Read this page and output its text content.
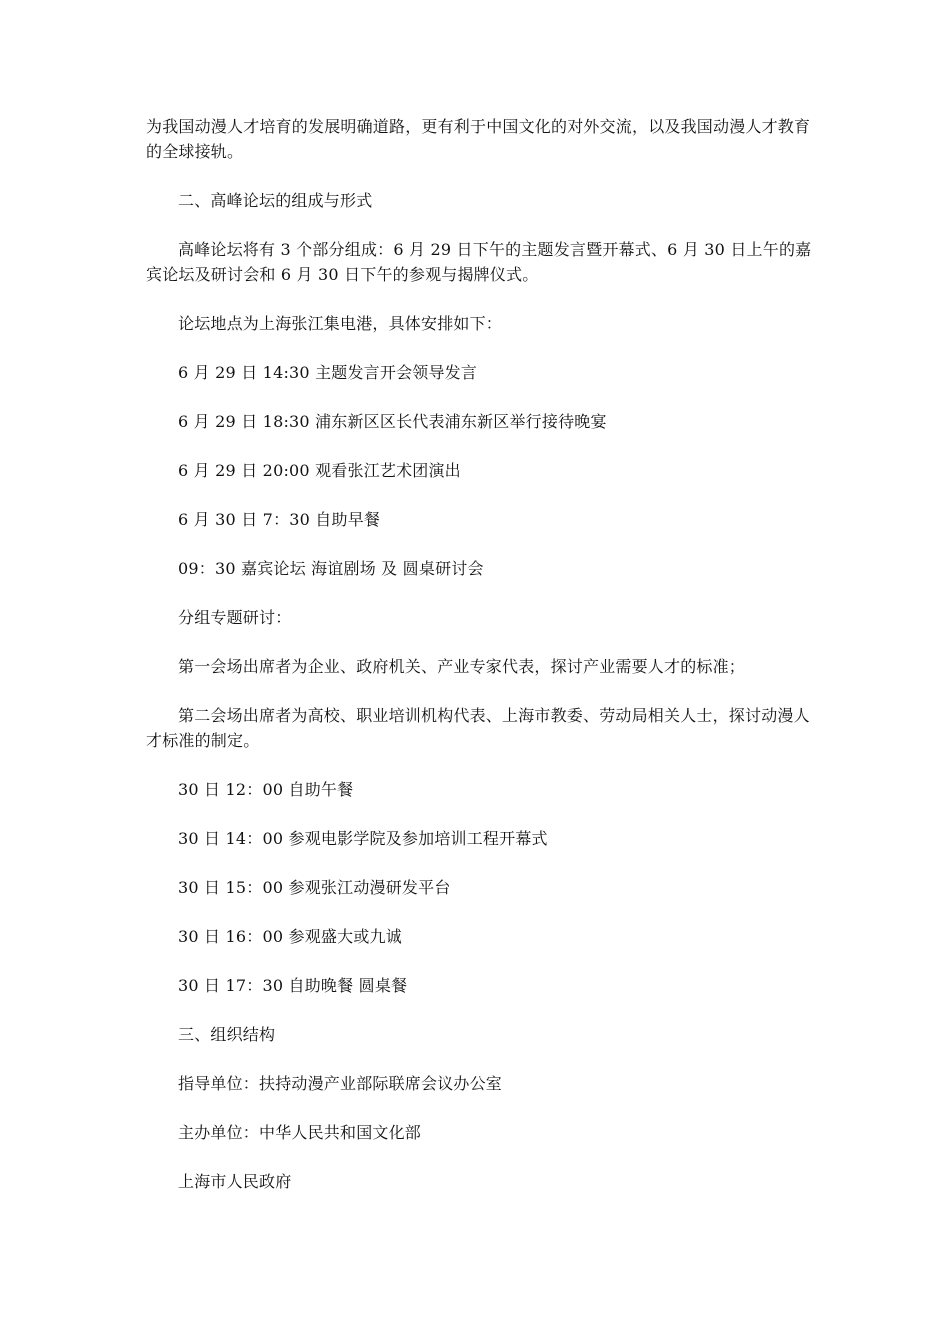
为我国动漫人才培育的发展明确道路，更有利于中国文化的对外交流，以及我国动漫人才教育的全球接轨。

二、高峰论坛的组成与形式

高峰论坛将有 3 个部分组成：6 月 29 日下午的主题发言暨开幕式、6 月 30 日上午的嘉宾论坛及研讨会和 6 月 30 日下午的参观与揭牌仪式。

论坛地点为上海张江集电港，具体安排如下：

6 月 29 日 14:30 主题发言开会领导发言

6 月 29 日 18:30 浦东新区区长代表浦东新区举行接待晚宴

6 月 29 日 20:00 观看张江艺术团演出

6 月 30 日 7：30 自助早餐

09：30 嘉宾论坛 海谊剧场 及 圆桌研讨会

分组专题研讨：

第一会场出席者为企业、政府机关、产业专家代表，探讨产业需要人才的标准；

第二会场出席者为高校、职业培训机构代表、上海市教委、劳动局相关人士，探讨动漫人才标准的制定。

30 日 12：00 自助午餐

30 日 14：00 参观电影学院及参加培训工程开幕式

30 日 15：00 参观张江动漫研发平台

30 日 16：00 参观盛大或九诚

30 日 17：30 自助晚餐 圆桌餐

三、组织结构

指导单位：扶持动漫产业部际联席会议办公室

主办单位：中华人民共和国文化部

上海市人民政府
